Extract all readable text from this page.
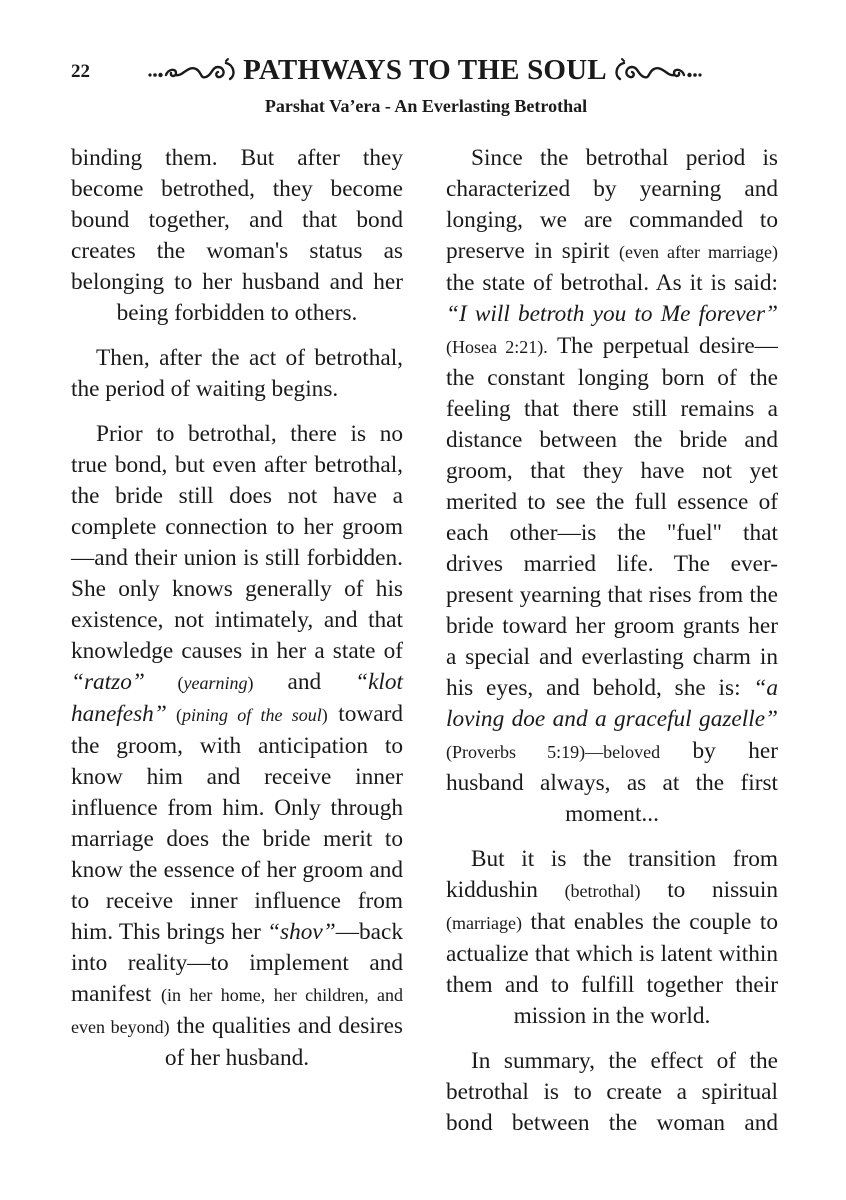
22	PATHWAYS TO THE SOUL
Parshat Va’era - An Everlasting Betrothal

binding them. But after they become betrothed, they become bound together, and that bond creates the woman's status as belonging to her husband and her being forbidden to others.

Then, after the act of betrothal, the period of waiting begins.

Prior to betrothal, there is no true bond, but even after betrothal, the bride still does not have a complete connection to her groom—and their union is still forbidden. She only knows generally of his existence, not intimately, and that knowledge causes in her a state of “ratzo” (yearning) and “klot hanefesh” (pining of the soul) toward the groom, with anticipation to know him and receive inner influence from him. Only through marriage does the bride merit to know the essence of her groom and to receive inner influence from him. This brings her “shov”—back into reality—to implement and manifest (in her home, her children, and even beyond) the qualities and desires of her husband.

Since the betrothal period is characterized by yearning and longing, we are commanded to preserve in spirit (even after marriage) the state of betrothal. As it is said: “I will betroth you to Me forever” (Hosea 2:21). The perpetual desire—the constant longing born of the feeling that there still remains a distance between the bride and groom, that they have not yet merited to see the full essence of each other—is the "fuel" that drives married life. The ever-present yearning that rises from the bride toward her groom grants her a special and everlasting charm in his eyes, and behold, she is: “a loving doe and a graceful gazelle” (Proverbs 5:19)—beloved by her husband always, as at the first moment...

But it is the transition from kiddushin (betrothal) to nissuin (marriage) that enables the couple to actualize that which is latent within them and to fulfill together their mission in the world.

In summary, the effect of the betrothal is to create a spiritual bond between the woman and
